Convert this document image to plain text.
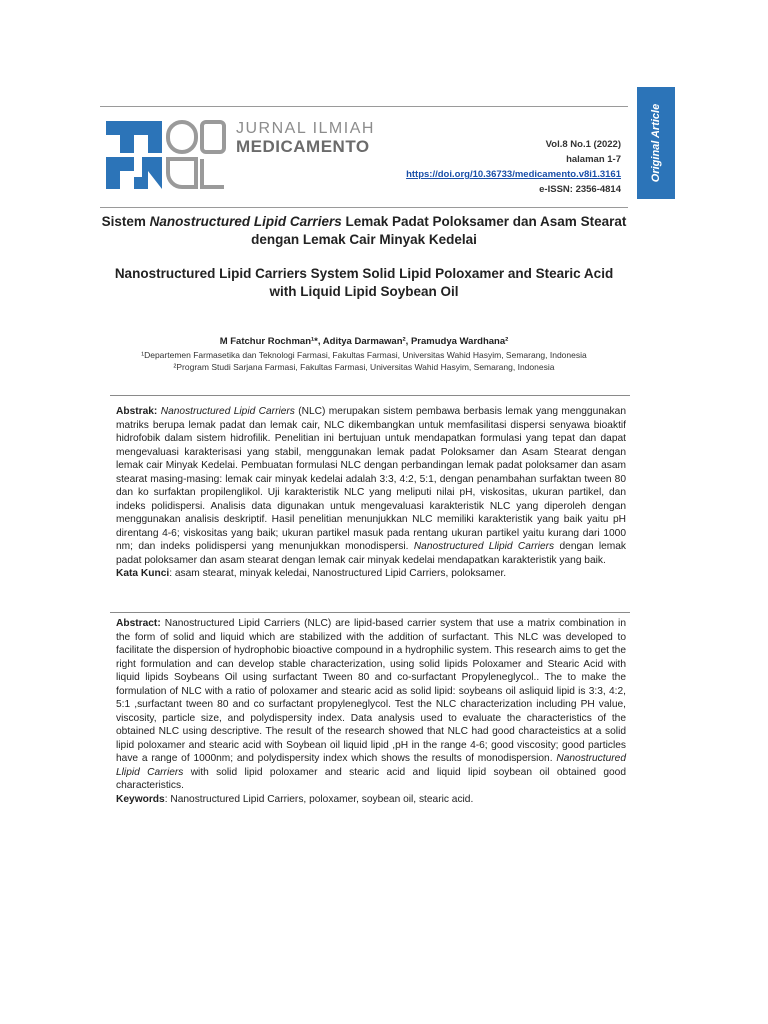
Original Article
JURNAL ILMIAH
MEDICAMENTO	Vol.8 No.1 (2022)
halaman 1-7
https://doi.org/10.36733/medicamento.v8i1.3161
e-ISSN: 2356-4814
Sistem Nanostructured Lipid Carriers Lemak Padat Poloksamer dan Asam Stearat dengan Lemak Cair Minyak Kedelai
Nanostructured Lipid Carriers System Solid Lipid Poloxamer and Stearic Acid with Liquid Lipid Soybean Oil
M Fatchur Rochman¹*, Aditya Darmawan², Pramudya Wardhana²
¹Departemen Farmasetika dan Teknologi Farmasi, Fakultas Farmasi, Universitas Wahid Hasyim, Semarang, Indonesia
²Program Studi Sarjana Farmasi, Fakultas Farmasi, Universitas Wahid Hasyim, Semarang, Indonesia
Abstrak: Nanostructured Lipid Carriers (NLC) merupakan sistem pembawa berbasis lemak yang menggunakan matriks berupa lemak padat dan lemak cair, NLC dikembangkan untuk memfasilitasi dispersi senyawa bioaktif hidrofobik dalam sistem hidrofilik. Penelitian ini bertujuan untuk mendapatkan formulasi yang tepat dan dapat mengevaluasi karakterisasi yang stabil, menggunakan lemak padat Poloksamer dan Asam Stearat dengan lemak cair Minyak Kedelai. Pembuatan formulasi NLC dengan perbandingan lemak padat poloksamer dan asam stearat masing-masing: lemak cair minyak kedelai adalah 3:3, 4:2, 5:1, dengan penambahan surfaktan tween 80 dan ko surfaktan propilenglikol. Uji karakteristik NLC yang meliputi nilai pH, viskositas, ukuran partikel, dan indeks polidispersi. Analisis data digunakan untuk mengevaluasi karakteristik NLC yang diperoleh dengan menggunakan analisis deskriptif. Hasil penelitian menunjukkan NLC memiliki karakteristik yang baik yaitu pH direntang 4-6; viskositas yang baik; ukuran partikel masuk pada rentang ukuran partikel yaitu kurang dari 1000 nm; dan indeks polidispersi yang menunjukkan monodispersi. Nanostructured Llipid Carriers dengan lemak padat poloksamer dan asam stearat dengan lemak cair minyak kedelai mendapatkan karakteristik yang baik.
Kata Kunci: asam stearat, minyak keledai, Nanostructured Lipid Carriers, poloksamer.
Abstract: Nanostructured Lipid Carriers (NLC) are lipid-based carrier system that use a matrix combination in the form of solid and liquid which are stabilized with the addition of surfactant. This NLC was developed to facilitate the dispersion of hydrophobic bioactive compound in a hydrophilic system. This research aims to get the right formulation and can develop stable characterization, using solid lipids Poloxamer and Stearic Acid with liquid lipids Soybeans Oil using surfactant Tween 80 and co-surfactant Propyleneglycol.. The to make the formulation of NLC with a ratio of poloxamer and stearic acid as solid lipid: soybeans oil asliquid lipid is 3:3, 4:2, 5:1 ,surfactant tween 80 and co surfactant propyleneglycol. Test the NLC characterization including PH value, viscosity, particle size, and polydispersity index. Data analysis used to evaluate the characteristics of the obtained NLC using descriptive. The result of the research showed that NLC had good characteistics at a solid lipid poloxamer and stearic acid with Soybean oil liquid lipid ,pH in the range 4-6; good viscosity; good particles have a range of 1000nm; and polydispersity index which shows the results of monodispersion. Nanostructured Llipid Carriers with solid lipid poloxamer and stearic acid and liquid lipid soybean oil obtained good characteristics.
Keywords: Nanostructured Lipid Carriers, poloxamer, soybean oil, stearic acid.
